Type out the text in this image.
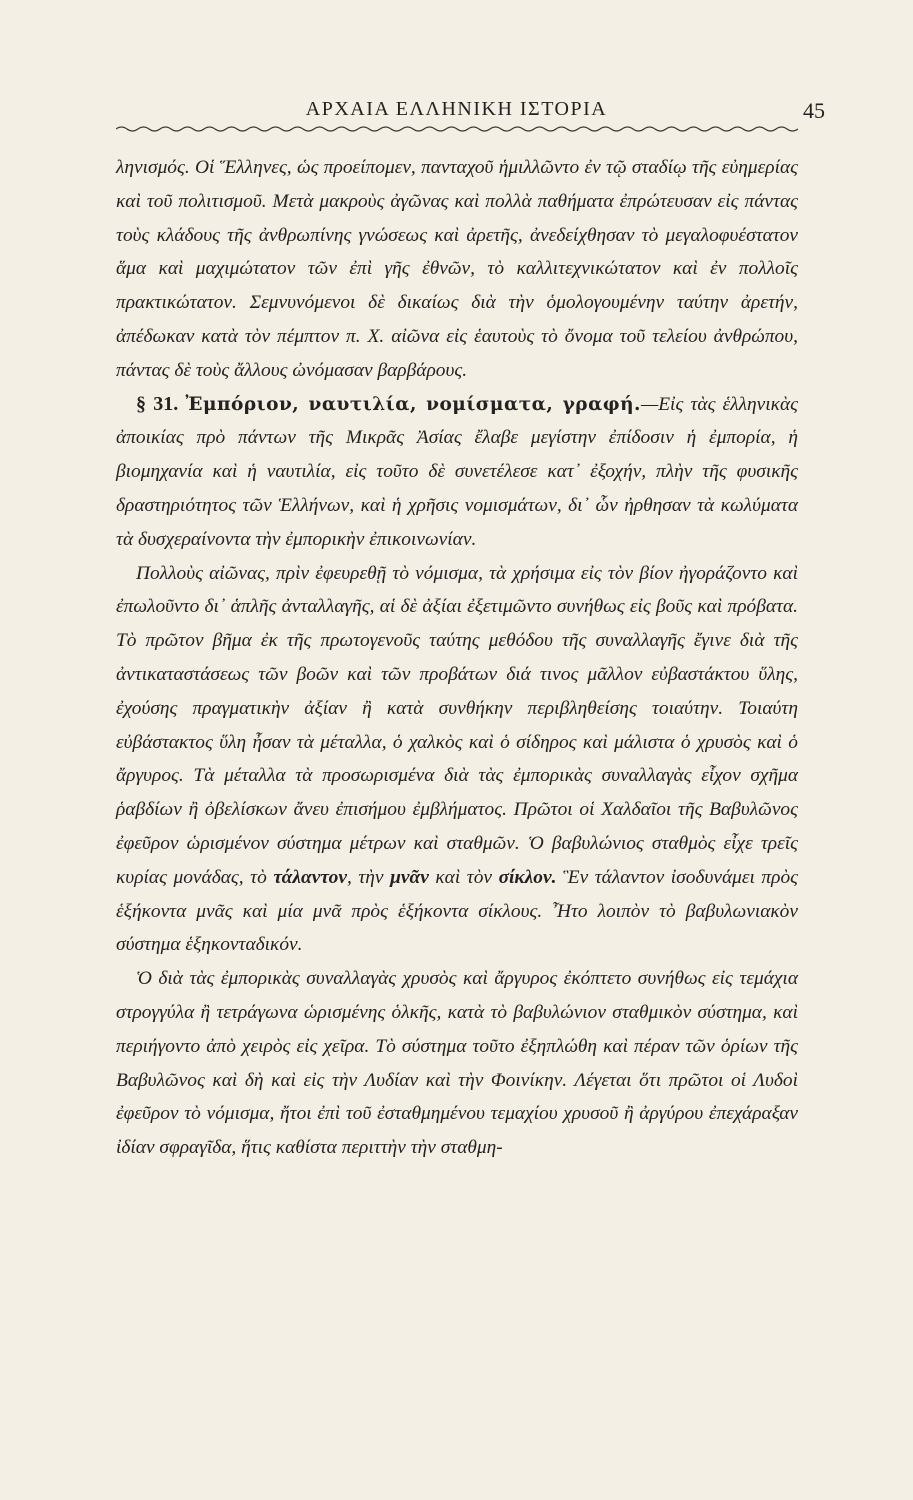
ΑΡΧΑΙΑ ΕΛΛΗΝΙΚΗ ΙΣΤΟΡΙΑ	45

ληνισμός. Οἱ Ἕλληνες, ὡς προείπομεν, πανταχοῦ ἡμιλλῶντο ἐν τῷ σταδίῳ τῆς εὐημερίας καὶ τοῦ πολιτισμοῦ. Μετὰ μακροὺς ἀγῶνας καὶ πολλὰ παθήματα ἐπρώτευσαν εἰς πάντας τοὺς κλάδους τῆς ἀνθρωπίνης γνώσεως καὶ ἀρετῆς, ἀνεδείχθησαν τὸ μεγαλοφυέστατον ἅμα καὶ μαχιμώτατον τῶν ἐπὶ γῆς ἐθνῶν, τὸ καλλιτεχνικώτατον καὶ ἐν πολλοῖς πρακτικώτατον. Σεμνυνόμενοι δὲ δικαίως διὰ τὴν ὁμολογουμένην ταύτην ἀρετήν, ἀπέδωκαν κατὰ τὸν πέμπτον π. Χ. αἰῶνα εἰς ἑαυτοὺς τὸ ὄνομα τοῦ τελείου ἀνθρώπου, πάντας δὲ τοὺς ἄλλους ὠνόμασαν βαρβάρους.

§ 31. Ἐμπόριον, ναυτιλία, νομίσματα, γραφή.—Εἰς τὰς ἑλληνικὰς ἀποικίας πρὸ πάντων τῆς Μικρᾶς Ἀσίας ἔλαβε μεγίστην ἐπίδοσιν ἡ ἐμπορία, ἡ βιομηχανία καὶ ἡ ναυτιλία, εἰς τοῦτο δὲ συνετέλεσε κατ᾽ ἐξοχήν, πλὴν τῆς φυσικῆς δραστηριότητος τῶν Ἑλλήνων, καὶ ἡ χρῆσις νομισμάτων, δι᾽ ὧν ἠρθησαν τὰ κωλύματα τὰ δυσχεραίνοντα τὴν ἐμπορικὴν ἐπικοινωνίαν.

Πολλοὺς αἰῶνας, πρὶν ἐφευρεθῇ τὸ νόμισμα, τὰ χρήσιμα εἰς τὸν βίον ἠγοράζοντο καὶ ἐπωλοῦντο δι᾽ ἁπλῆς ἀνταλλαγῆς, αἱ δὲ ἀξίαι ἐξετιμῶντο συνήθως εἰς βοῦς καὶ πρόβατα. Τὸ πρῶτον βῆμα ἐκ τῆς πρωτογενοῦς ταύτης μεθόδου τῆς συναλλαγῆς ἔγινε διὰ τῆς ἀντικαταστάσεως τῶν βοῶν καὶ τῶν προβάτων διά τινος μᾶλλον εὐβαστάκτου ὕλης, ἐχούσης πραγματικὴν ἀξίαν ἢ κατὰ συνθήκην περιβληθείσης τοιαύτην. Τοιαύτη εὐβάστακτος ὕλη ἦσαν τὰ μέταλλα, ὁ χαλκὸς καὶ ὁ σίδηρος καὶ μάλιστα ὁ χρυσὸς καὶ ὁ ἄργυρος. Τὰ μέταλλα τὰ προσωρισμένα διὰ τὰς ἐμπορικὰς συναλλαγὰς εἶχον σχῆμα ῥαβδίων ἢ ὀβελίσκων ἄνευ ἐπισήμου ἐμβλήματος. Πρῶτοι οἱ Χαλδαῖοι τῆς Βαβυλῶνος ἐφεῦρον ὡρισμένον σύστημα μέτρων καὶ σταθμῶν. Ὁ βαβυλώνιος σταθμὸς εἶχε τρεῖς κυρίας μονάδας, τὸ τάλαντον, τὴν μνᾶν καὶ τὸν σίκλον. Ἓν τάλαντον ἰσοδυνάμει πρὸς ἑξήκοντα μνᾶς καὶ μία μνᾶ πρὸς ἑξήκοντα σίκλους. Ἦτο λοιπὸν τὸ βαβυλωνιακὸν σύστημα ἑξηκονταδικόν.

Ὁ διὰ τὰς ἐμπορικὰς συναλλαγὰς χρυσὸς καὶ ἄργυρος ἐκόπτετο συνήθως εἰς τεμάχια στρογγύλα ἢ τετράγωνα ὡρισμένης ὁλκῆς, κατὰ τὸ βαβυλώνιον σταθμικὸν σύστημα, καὶ περιήγοντο ἀπὸ χειρὸς εἰς χεῖρα. Τὸ σύστημα τοῦτο ἐξηπλώθη καὶ πέραν τῶν ὁρίων τῆς Βαβυλῶνος καὶ δὴ καὶ εἰς τὴν Λυδίαν καὶ τὴν Φοινίκην. Λέγεται ὅτι πρῶτοι οἱ Λυδοὶ ἐφεῦρον τὸ νόμισμα, ἤτοι ἐπὶ τοῦ ἐσταθμημένου τεμαχίου χρυσοῦ ἢ ἀργύρου ἐπεχάραξαν ἰδίαν σφραγῖδα, ἥτις καθίστα περιττὴν τὴν σταθμη-
